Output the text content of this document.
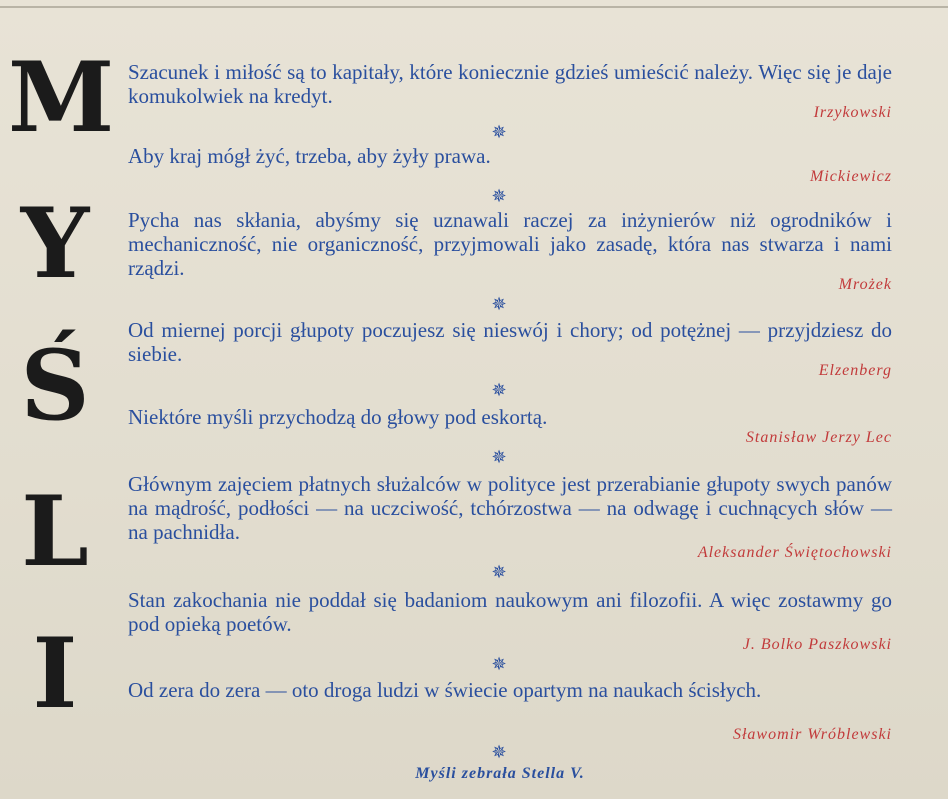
M
Y
Ś
L
I
Szacunek i miłość są to kapitały, które koniecznie gdzieś umieścić należy. Więc się je daje komukolwiek na kredyt.
Irzykowski
✵
Aby kraj mógł żyć, trzeba, aby żyły prawa.
Mickiewicz
✵
Pycha nas skłania, abyśmy się uznawali raczej za inżynierów niż ogrodników i mechaniczność, nie organiczność, przyjmowali jako zasadę, która nas stwarza i nami rządzi.
Mrożek
✵
Od miernej porcji głupoty poczujesz się nieswój i chory; od potężnej — przyjdziesz do siebie.
Elzenberg
✵
Niektóre myśli przychodzą do głowy pod eskortą.
Stanisław Jerzy Lec
✵
Głównym zajęciem płatnych służalców w polityce jest przerabianie głupoty swych panów na mądrość, podłości — na uczciwość, tchórzostwa — na odwagę i cuchnących słów — na pachnidła.
Aleksander Świętochowski
✵
Stan zakochania nie poddał się badaniom naukowym ani filozofii. A więc zostawmy go pod opieką poetów.
J. Bolko Paszkowski
✵
Od zera do zera — oto droga ludzi w świecie opartym na naukach ścisłych.
Sławomir Wróblewski
✵
Myśli zebrała Stella V.
